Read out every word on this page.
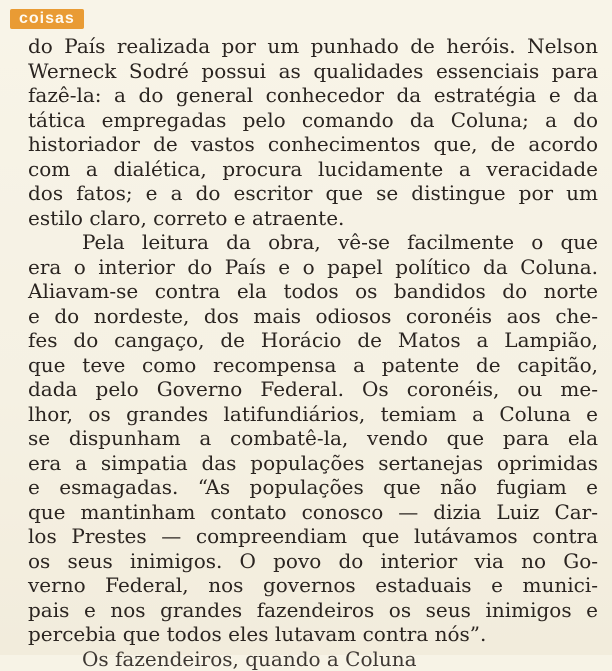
coisas
do País realizada por um punhado de heróis. Nelson
Werneck Sodré possui as qualidades essenciais para
fazê-la: a do general conhecedor da estratégia e da
tática empregadas pelo comando da Coluna; a do
historiador de vastos conhecimentos que, de acordo
com a dialética, procura lucidamente a veracidade
dos fatos; e a do escritor que se distingue por um
estilo claro, correto e atraente.
Pela leitura da obra, vê-se facilmente o que
era o interior do País e o papel político da Coluna.
Aliavam-se contra ela todos os bandidos do norte
e do nordeste, dos mais odiosos coronéis aos che-
fes do cangaço, de Horácio de Matos a Lampião,
que teve como recompensa a patente de capitão,
dada pelo Governo Federal. Os coronéis, ou me-
lhor, os grandes latifundiários, temiam a Coluna e
se dispunham a combatê-la, vendo que para ela
era a simpatia das populações sertanejas oprimidas
e esmagadas. “As populações que não fugiam e
que mantinham contato conosco — dizia Luiz Car-
los Prestes — compreendiam que lutávamos contra
os seus inimigos. O povo do interior via no Go-
verno Federal, nos governos estaduais e munici-
pais e nos grandes fazendeiros os seus inimigos e
percebia que todos eles lutavam contra nós”.
Os fazendeiros, quando a Coluna
